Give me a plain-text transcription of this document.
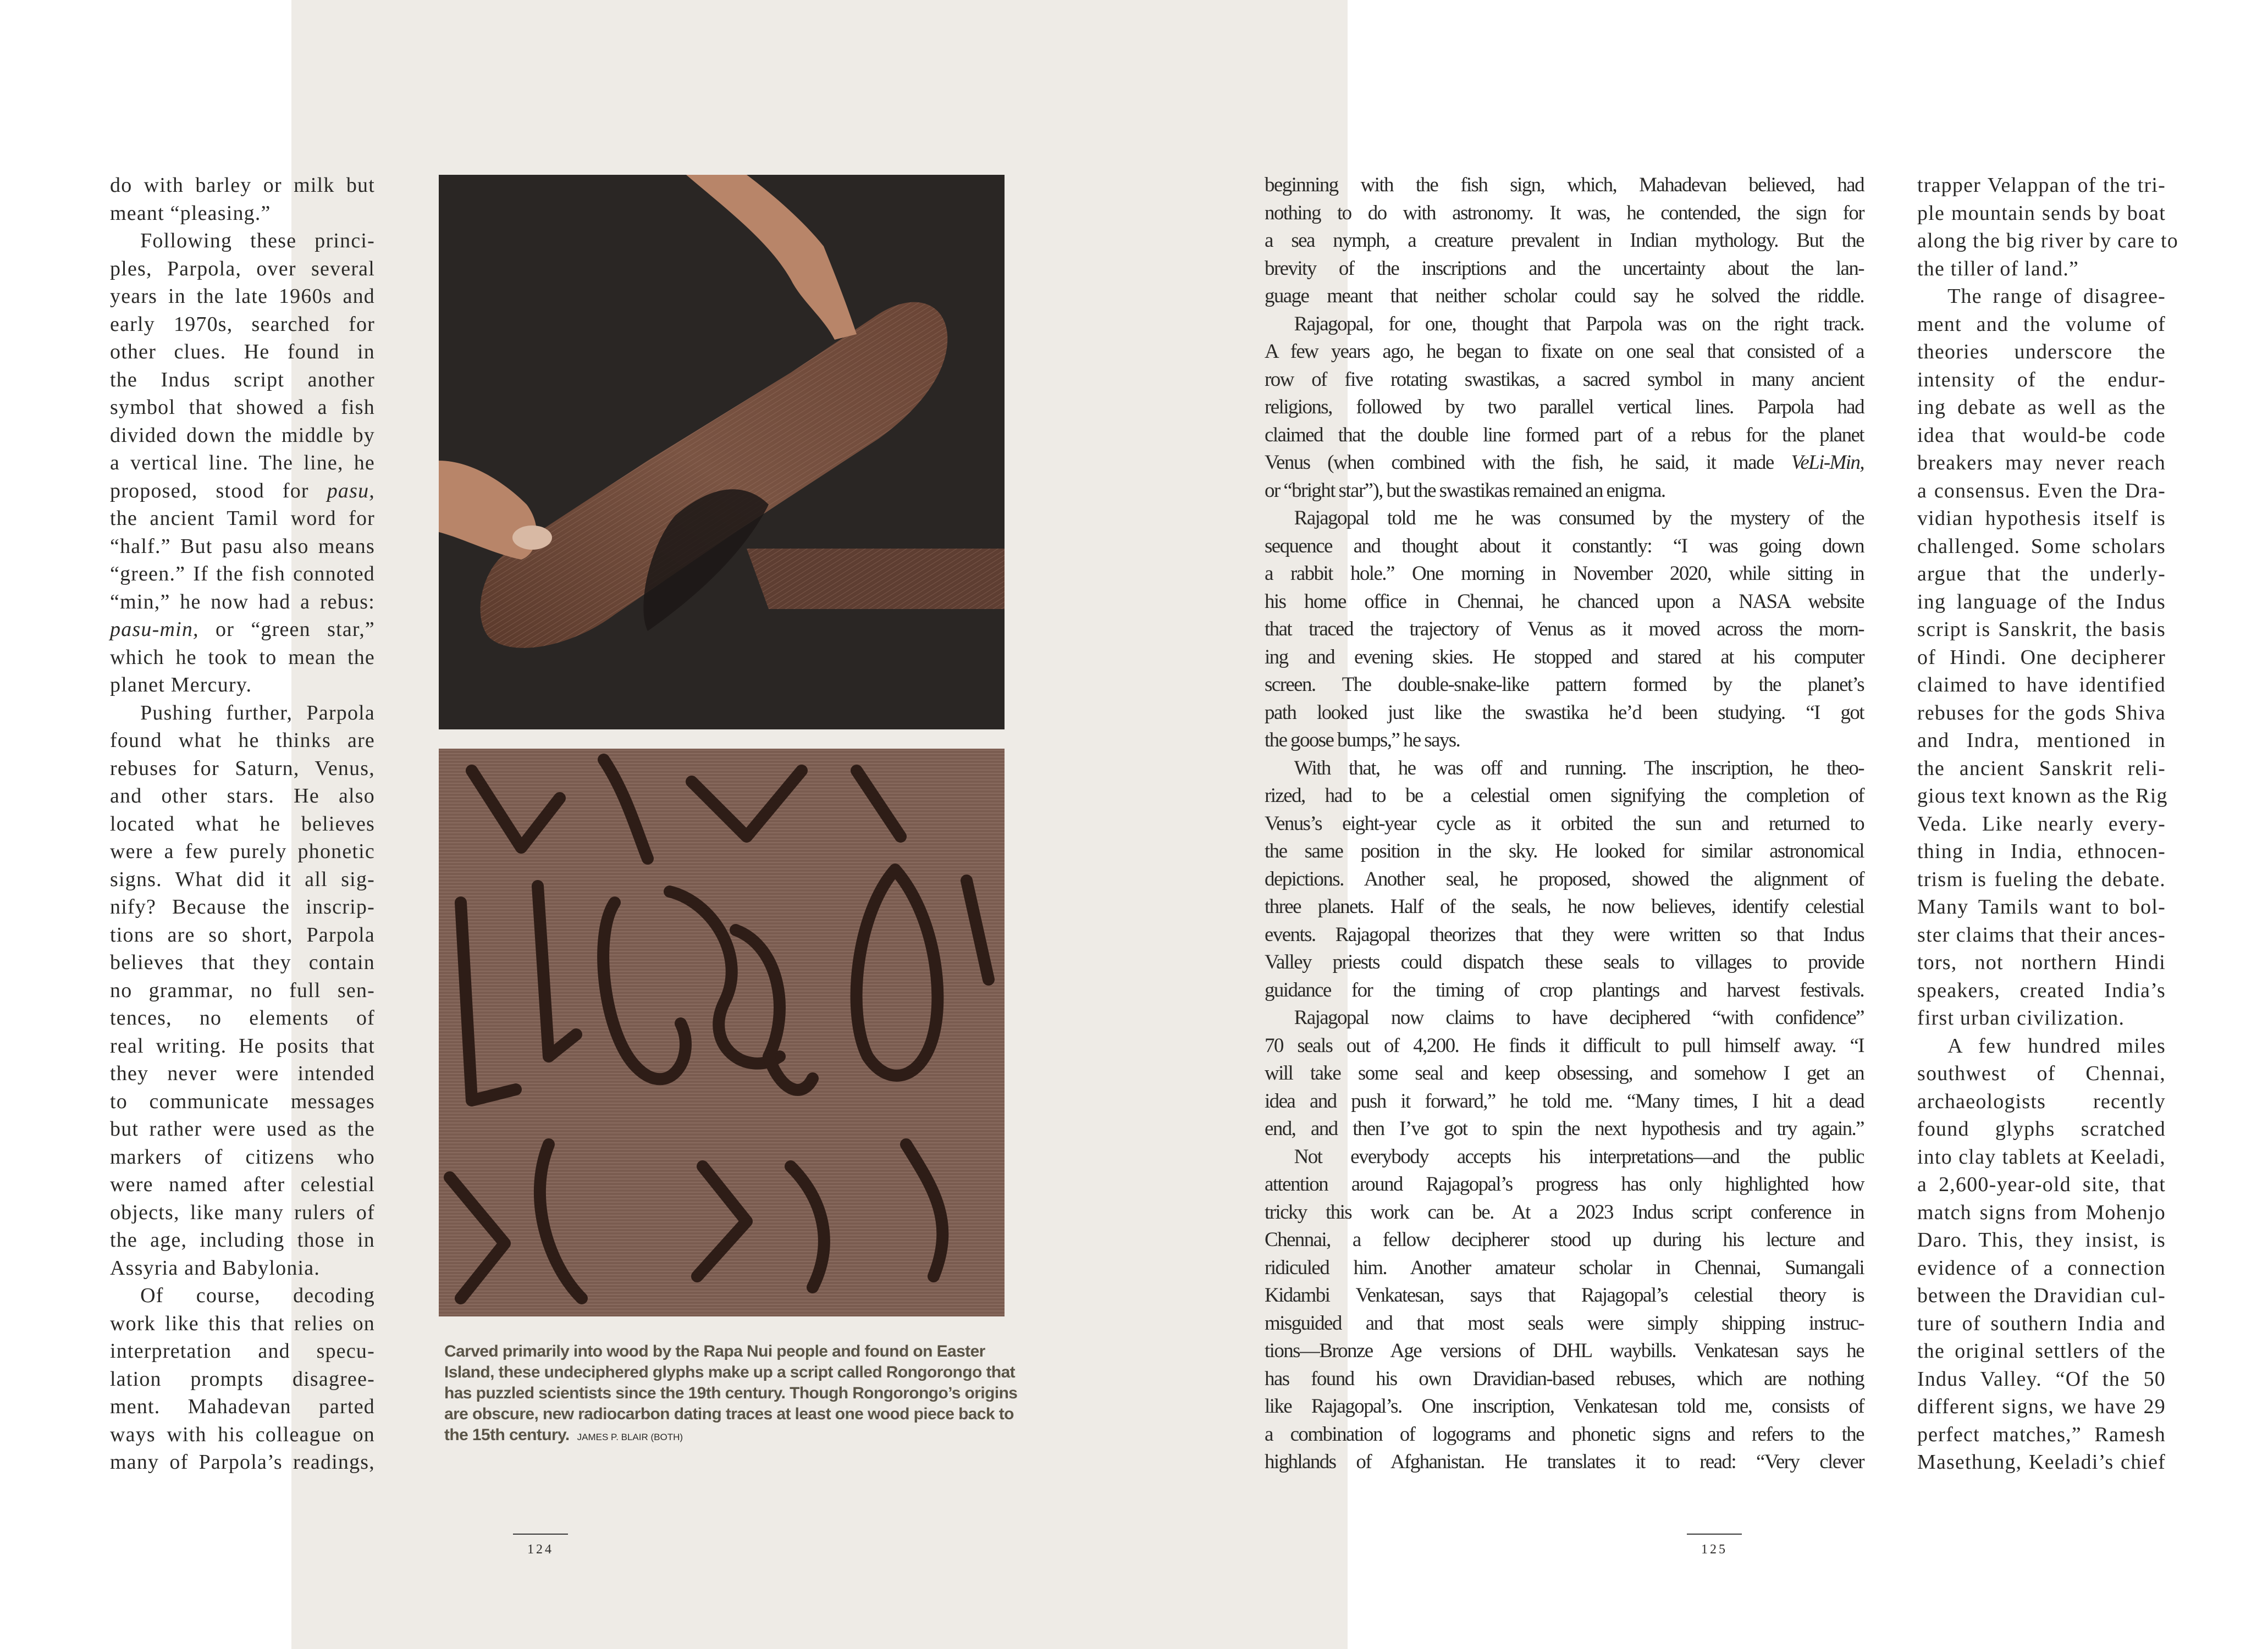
do with barley or milk but
meant “pleasing.”
Following these princi-
ples, Parpola, over several
years in the late 1960s and
early 1970s, searched for
other clues. He found in
the Indus script another
symbol that showed a fish
divided down the middle by
a vertical line. The line, he
proposed, stood for pasu,
the ancient Tamil word for
“half.” But pasu also means
“green.” If the fish connoted
“min,” he now had a rebus:
pasu-min, or “green star,”
which he took to mean the
planet Mercury.
Pushing further, Parpola
found what he thinks are
rebuses for Saturn, Venus,
and other stars. He also
located what he believes
were a few purely phonetic
signs. What did it all sig-
nify? Because the inscrip-
tions are so short, Parpola
believes that they contain
no grammar, no full sen-
tences, no elements of
real writing. He posits that
they never were intended
to communicate messages
but rather were used as the
markers of citizens who
were named after celestial
objects, like many rulers of
the age, including those in
Assyria and Babylonia.
Of course, decoding
work like this that relies on
interpretation and specu-
lation prompts disagree-
ment. Mahadevan parted
ways with his colleague on
many of Parpola’s readings,
Carved primarily into wood by the Rapa Nui people and found on Easter Island, these undeciphered glyphs make up a script called Rongorongo that has puzzled scientists since the 19th century. Though Rongorongo’s origins are obscure, new radiocarbon dating traces at least one wood piece back to the 15th century. JAMES P. BLAIR (BOTH)
124
beginning with the fish sign, which, Mahadevan believed, had
nothing to do with astronomy. It was, he contended, the sign for
a sea nymph, a creature prevalent in Indian mythology. But the
brevity of the inscriptions and the uncertainty about the lan-
guage meant that neither scholar could say he solved the riddle.
Rajagopal, for one, thought that Parpola was on the right track.
A few years ago, he began to fixate on one seal that consisted of a
row of five rotating swastikas, a sacred symbol in many ancient
religions, followed by two parallel vertical lines. Parpola had
claimed that the double line formed part of a rebus for the planet
Venus (when combined with the fish, he said, it made VeLi-Min,
or “bright star”), but the swastikas remained an enigma.
Rajagopal told me he was consumed by the mystery of the
sequence and thought about it constantly: “I was going down
a rabbit hole.” One morning in November 2020, while sitting in
his home office in Chennai, he chanced upon a NASA website
that traced the trajectory of Venus as it moved across the morn-
ing and evening skies. He stopped and stared at his computer
screen. The double-snake-like pattern formed by the planet’s
path looked just like the swastika he’d been studying. “I got
the goose bumps,” he says.
With that, he was off and running. The inscription, he theo-
rized, had to be a celestial omen signifying the completion of
Venus’s eight-year cycle as it orbited the sun and returned to
the same position in the sky. He looked for similar astronomical
depictions. Another seal, he proposed, showed the alignment of
three planets. Half of the seals, he now believes, identify celestial
events. Rajagopal theorizes that they were written so that Indus
Valley priests could dispatch these seals to villages to provide
guidance for the timing of crop plantings and harvest festivals.
Rajagopal now claims to have deciphered “with confidence”
70 seals out of 4,200. He finds it difficult to pull himself away. “I
will take some seal and keep obsessing, and somehow I get an
idea and push it forward,” he told me. “Many times, I hit a dead
end, and then I’ve got to spin the next hypothesis and try again.”
Not everybody accepts his interpretations—and the public
attention around Rajagopal’s progress has only highlighted how
tricky this work can be. At a 2023 Indus script conference in
Chennai, a fellow decipherer stood up during his lecture and
ridiculed him. Another amateur scholar in Chennai, Sumangali
Kidambi Venkatesan, says that Rajagopal’s celestial theory is
misguided and that most seals were simply shipping instruc-
tions—Bronze Age versions of DHL waybills. Venkatesan says he
has found his own Dravidian-based rebuses, which are nothing
like Rajagopal’s. One inscription, Venkatesan told me, consists of
a combination of logograms and phonetic signs and refers to the
highlands of Afghanistan. He translates it to read: “Very clever
trapper Velappan of the tri-
ple mountain sends by boat
along the big river by care to
the tiller of land.”
The range of disagree-
ment and the volume of
theories underscore the
intensity of the endur-
ing debate as well as the
idea that would-be code
breakers may never reach
a consensus. Even the Dra-
vidian hypothesis itself is
challenged. Some scholars
argue that the underly-
ing language of the Indus
script is Sanskrit, the basis
of Hindi. One decipherer
claimed to have identified
rebuses for the gods Shiva
and Indra, mentioned in
the ancient Sanskrit reli-
gious text known as the Rig
Veda. Like nearly every-
thing in India, ethnocen-
trism is fueling the debate.
Many Tamils want to bol-
ster claims that their ances-
tors, not northern Hindi
speakers, created India’s
first urban civilization.
A few hundred miles
southwest of Chennai,
archaeologists recently
found glyphs scratched
into clay tablets at Keeladi,
a 2,600-year-old site, that
match signs from Mohenjo
Daro. This, they insist, is
evidence of a connection
between the Dravidian cul-
ture of southern India and
the original settlers of the
Indus Valley. “Of the 50
different signs, we have 29
perfect matches,” Ramesh
Masethung, Keeladi’s chief
125
